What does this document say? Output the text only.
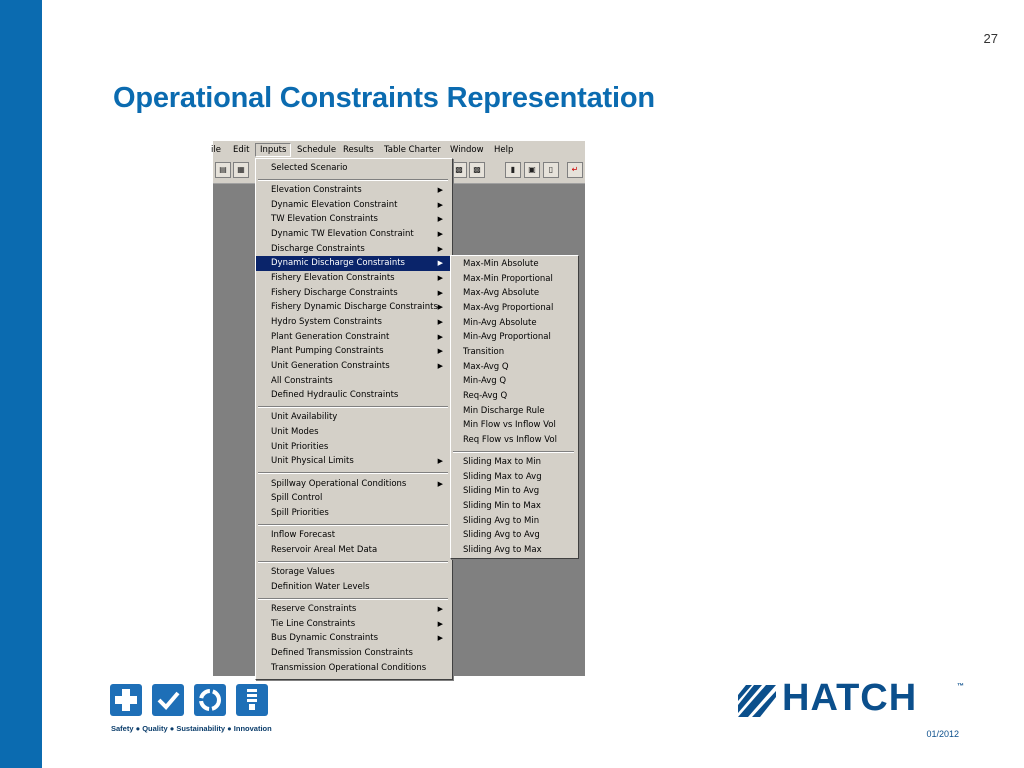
27
Operational Constraints Representation
ile Edit	Inputs	Schedule Results Table Charter Window Help
▤	▦	▩	▩	▮	▣	▯	↵
Selected Scenario
Elevation Constraints	▶
Dynamic Elevation Constraint	▶
TW Elevation Constraints	▶
Dynamic TW Elevation Constraint	▶
Discharge Constraints	▶
Dynamic Discharge Constraints	▶
Fishery Elevation Constraints	▶
Fishery Discharge Constraints	▶
Fishery Dynamic Discharge Constraints ▶
Hydro System Constraints	▶
Plant Generation Constraint	▶
Plant Pumping Constraints	▶
Unit Generation Constraints	▶
All Constraints
Defined Hydraulic Constraints
Unit Availability
Unit Modes
Unit Priorities
Unit Physical Limits	▶
Spillway Operational Conditions	▶
Spill Control
Spill Priorities
Inflow Forecast
Reservoir Areal Met Data
Storage Values
Definition Water Levels
Reserve Constraints	▶
Tie Line Constraints	▶
Bus Dynamic Constraints	▶
Defined Transmission Constraints
Transmission Operational Conditions
Max-Min Absolute
Max-Min Proportional
Max-Avg Absolute
Max-Avg Proportional
Min-Avg Absolute
Min-Avg Proportional
Transition
Max-Avg Q
Min-Avg Q
Req-Avg Q
Min Discharge Rule
Min Flow vs Inflow Vol
Req Flow vs Inflow Vol
Sliding Max to Min
Sliding Max to Avg
Sliding Min to Avg
Sliding Min to Max
Sliding Avg to Min
Sliding Avg to Avg
Sliding Avg to Max
Safety ● Quality ● Sustainability ● Innovation
HATCH	™
01/2012
